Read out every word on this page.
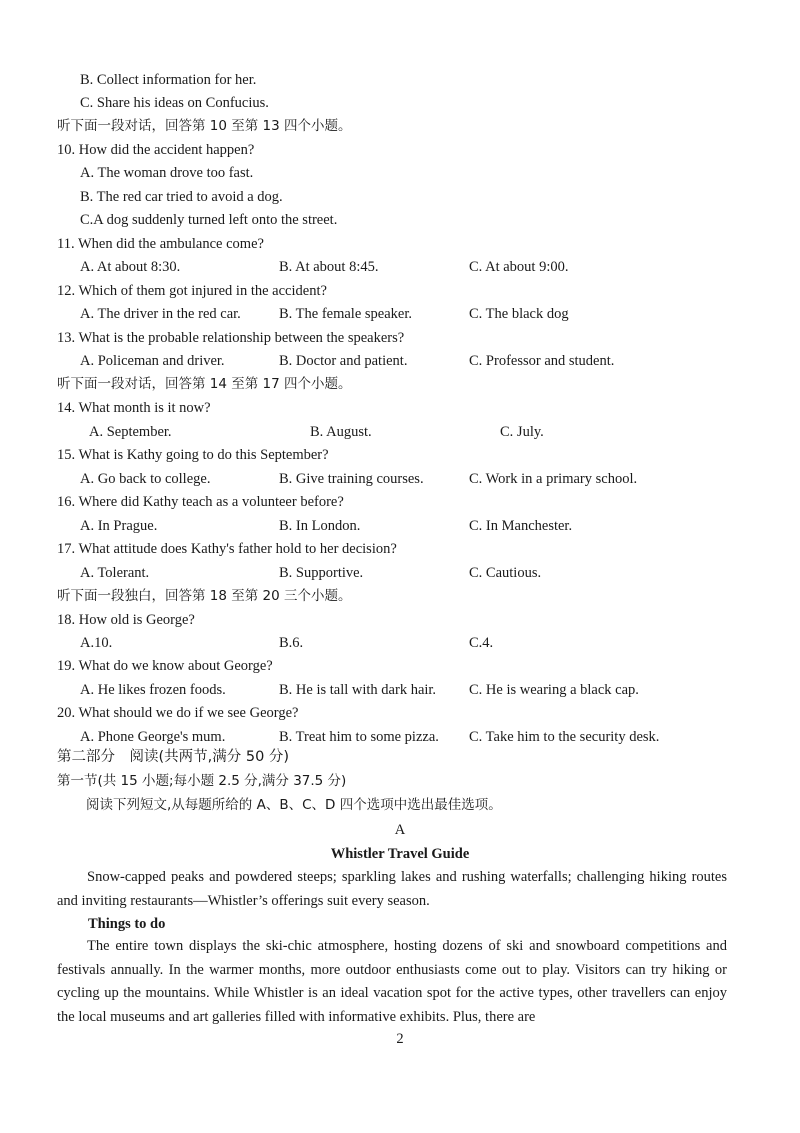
B. Collect information for her.
C. Share his ideas on Confucius.
听下面一段对话，回答第 10 至第 13 四个小题。
10. How did the accident happen?
A. The woman drove too fast.
B. The red car tried to avoid a dog.
C.A dog suddenly turned left onto the street.
11. When did the ambulance come?
A. At about 8:30.	B. At about 8:45.	C. At about 9:00.
12. Which of them got injured in the accident?
A. The driver in the red car.	B. The female speaker.	C. The black dog
13. What is the probable relationship between the speakers?
A. Policeman and driver.	B. Doctor and patient.	C. Professor and student.
听下面一段对话，回答第 14 至第 17 四个小题。
14. What month is it now?
A. September.	B. August.	C. July.
15. What is Kathy going to do this September?
A. Go back to college.	B. Give training courses.	C. Work in a primary school.
16. Where did Kathy teach as a volunteer before?
A. In Prague.	B. In London.	C. In Manchester.
17. What attitude does Kathy's father hold to her decision?
A. Tolerant.	B. Supportive.	C. Cautious.
听下面一段独白，回答第 18 至第 20 三个小题。
18. How old is George?
A.10.	B.6.	C.4.
19. What do we know about George?
A. He likes frozen foods.	B. He is tall with dark hair. C. He is wearing a black cap.
20. What should we do if we see George?
A. Phone George's mum.	B. Treat him to some pizza. C. Take him to the security desk.
第二部分　阅读(共两节,满分 50 分)
第一节(共 15 小题;每小题 2.5 分,满分 37.5 分)
阅读下列短文,从每题所给的 A、B、C、D 四个选项中选出最佳选项。
A
Whistler Travel Guide
Snow-capped peaks and powdered steeps; sparkling lakes and rushing waterfalls; challenging hiking routes and inviting restaurants—Whistler’s offerings suit every season.
Things to do
The entire town displays the ski-chic atmosphere, hosting dozens of ski and snowboard competitions and festivals annually. In the warmer months, more outdoor enthusiasts come out to play. Visitors can try hiking or cycling up the mountains. While Whistler is an ideal vacation spot for the active types, other travellers can enjoy the local museums and art galleries filled with informative exhibits. Plus, there are
2
